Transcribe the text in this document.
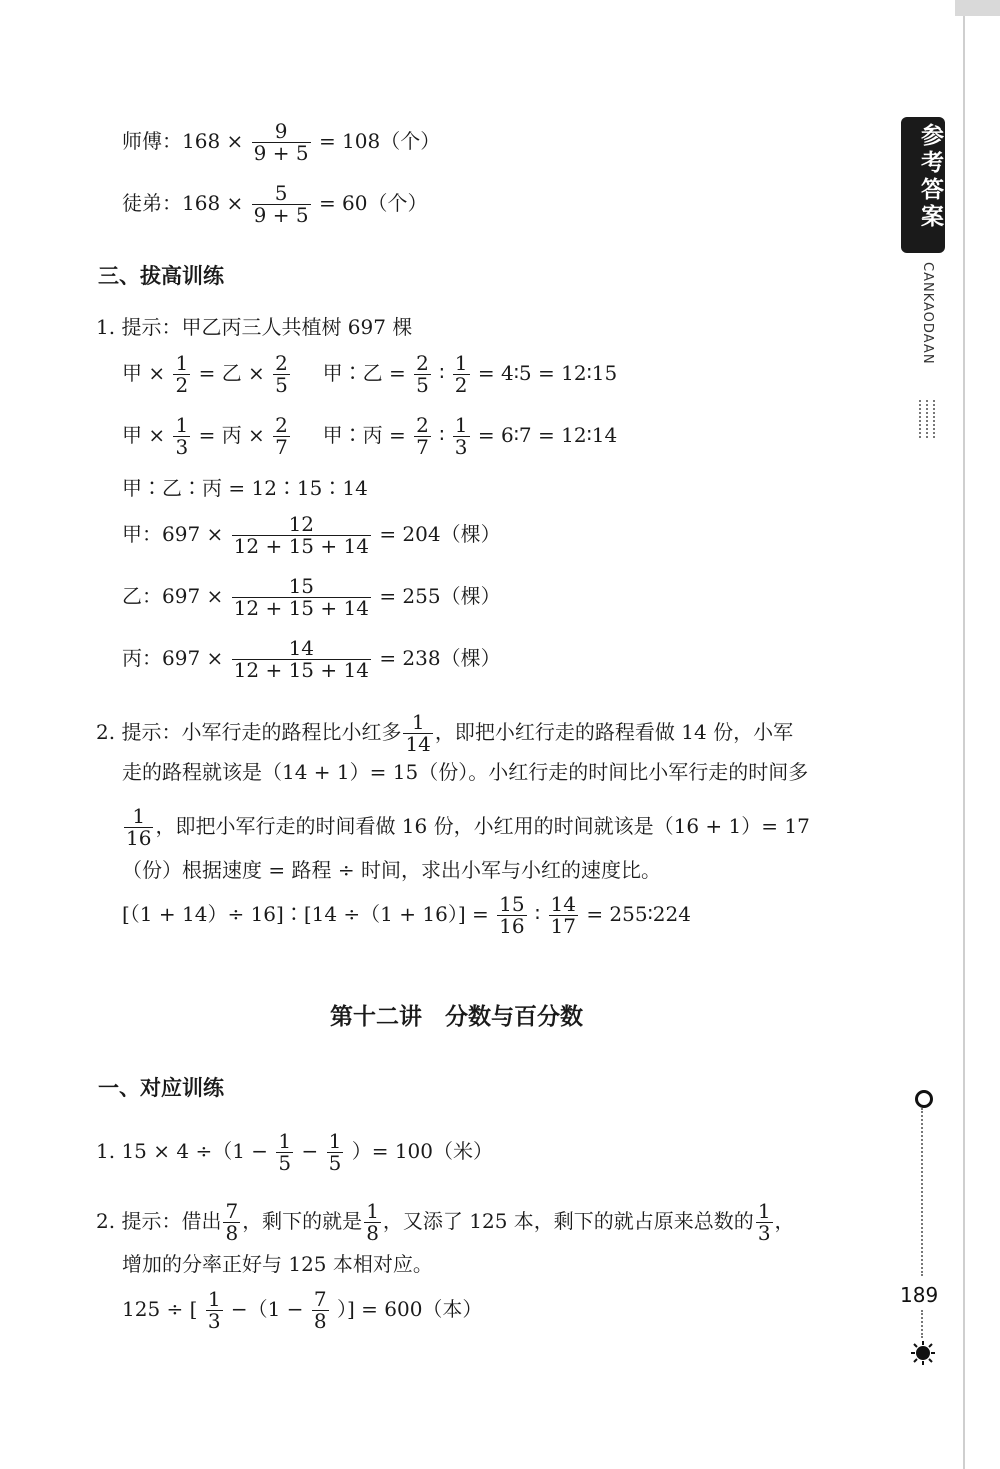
参考答案
CANKAODAAN
189
师傅：$168 \times \frac{9}{9 + 5} = 108$（个）
徒弟：$168 \times \frac{5}{9 + 5} = 60$（个）
三、拔高训练
1. 提示：甲乙丙三人共植树 697 棵
甲 × $\frac{1}{2}$ = 乙 × $\frac{2}{5}$ 甲∶乙 = $\frac{2}{5}$ ∶ $\frac{1}{2}$ = 4∶5 = 12∶15
甲 × $\frac{1}{3}$ = 丙 × $\frac{2}{7}$ 甲∶丙 = $\frac{2}{7}$ ∶ $\frac{1}{3}$ = 6∶7 = 12∶14
甲∶乙∶丙 = 12∶15∶14
甲：$697 \times \frac{12}{12 + 15 + 14} = 204$（棵）
乙：$697 \times \frac{15}{12 + 15 + 14} = 255$（棵）
丙：$697 \times \frac{14}{12 + 15 + 14} = 238$（棵）
2. 提示：小军行走的路程比小红多 $\frac{1}{14}$ ，即把小红行走的路程看做 14 份，小军
走的路程就该是（14 + 1）= 15（份）。小红行走的时间比小军行走的时间多
$\frac{1}{16}$ ，即把小军行走的时间看做 16 份，小红用的时间就该是（16 + 1）= 17
（份）根据速度 = 路程 ÷ 时间，求出小军与小红的速度比。
[（1 + 14）÷ 16]∶[14 $\div(1 + 16)] = \frac{15}{16}$ ∶ $\frac{14}{17}$ = 255∶224
第十二讲　分数与百分数
一、对应训练
1. $15 \times 4 \div(1 - \frac{1}{5} - \frac{1}{5}$ ）= 100（米）
2. 提示：借出 $\frac{7}{8}$ ，剩下的就是 $\frac{1}{8}$ ，又添了 125 本，剩下的就占原来总数的 $\frac{1}{3}$ ，
增加的分率正好与 125 本相对应。
125 ÷ [ $\frac{1}{3} -(1 - \frac{7}{8}$ ）] = 600（本）
